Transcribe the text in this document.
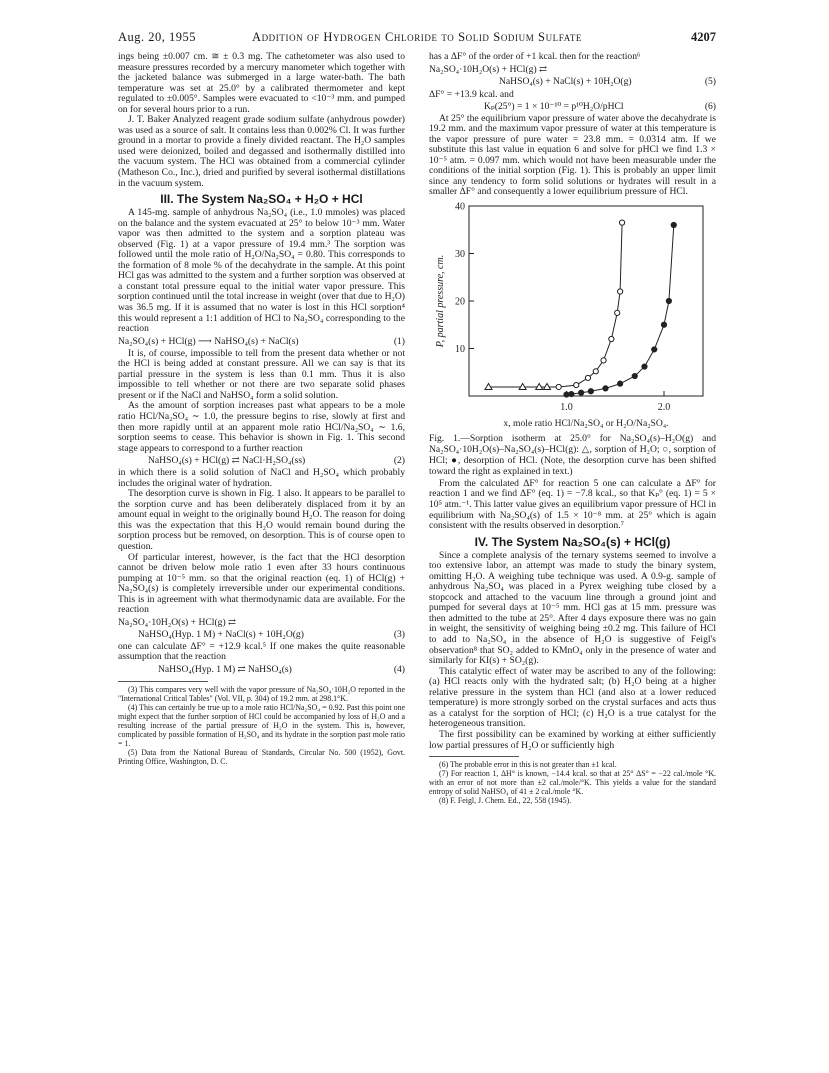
Aug. 20, 1955	Addition of Hydrogen Chloride to Solid Sodium Sulfate	4207

ings being ±0.007 cm. ≅ ± 0.3 mg. The cathetometer was also used to measure pressures recorded by a mercury manometer which together with the jacketed balance was submerged in a large water-bath. The bath temperature was set at 25.0° by a calibrated thermometer and kept regulated to ±0.005°. Samples were evacuated to <10⁻³ mm. and pumped on for several hours prior to a run.

J. T. Baker Analyzed reagent grade sodium sulfate (anhydrous powder) was used as a source of salt. It contains less than 0.002% Cl. It was further ground in a mortar to provide a finely divided reactant. The H₂O samples used were deionized, boiled and degassed and isothermally distilled into the vacuum system. The HCl was obtained from a commercial cylinder (Matheson Co., Inc.), dried and purified by several isothermal distillations in the vacuum system.

III. The System Na₂SO₄ + H₂O + HCl

A 145-mg. sample of anhydrous Na₂SO₄ (i.e., 1.0 mmoles) was placed on the balance and the system evacuated at 25° to below 10⁻³ mm. Water vapor was then admitted to the system and a sorption plateau was observed (Fig. 1) at a vapor pressure of 19.4 mm.³ The sorption was followed until the mole ratio of H₂O/Na₂SO₄ = 0.80. This corresponds to the formation of 8 mole % of the decahydrate in the sample. At this point HCl gas was admitted to the system and a further sorption was observed at a constant total pressure equal to the initial water vapor pressure. This sorption continued until the total increase in weight (over that due to H₂O) was 36.5 mg. If it is assumed that no water is lost in this HCl sorption⁴ this would represent a 1:1 addition of HCl to Na₂SO₄ corresponding to the reaction

Na₂SO₄(s) + HCl(g) ⟶ NaHSO₄(s) + NaCl(s)	(1)

It is, of course, impossible to tell from the present data whether or not the HCl is being added at constant pressure. All we can say is that its partial pressure in the system is less than 0.1 mm. Thus it is also impossible to tell whether or not there are two separate solid phases present or if the NaCl and NaHSO₄ form a solid solution.

As the amount of sorption increases past what appears to be a mole ratio HCl/Na₂SO₄ ∼ 1.0, the pressure begins to rise, slowly at first and then more rapidly until at an apparent mole ratio HCl/Na₂SO₄ ∼ 1.6, sorption seems to cease. This behavior is shown in Fig. 1. This second stage appears to correspond to a further reaction

NaHSO₄(s) + HCl(g) ⇄ NaCl·H₂SO₄(ss)	(2)

in which there is a solid solution of NaCl and H₂SO₄ which probably includes the original water of hydration.

The desorption curve is shown in Fig. 1 also. It appears to be parallel to the sorption curve and has been deliberately displaced from it by an amount equal in weight to the originally bound H₂O. The reason for doing this was the expectation that this H₂O would remain bound during the sorption process but be removed, on desorption. This is of course open to question.

Of particular interest, however, is the fact that the HCl desorption cannot be driven below mole ratio 1 even after 33 hours continuous pumping at 10⁻⁵ mm. so that the original reaction (eq. 1) of HCl(g) + Na₂SO₄(s) is completely irreversible under our experimental conditions. This is in agreement with what thermodynamic data are available. For the reaction

Na₂SO₄·10H₂O(s) + HCl(g) ⇄
NaHSO₄(Hyp. 1 M) + NaCl(s) + 10H₂O(g)	(3)

one can calculate ΔF° = +12.9 kcal.⁵ If one makes the quite reasonable assumption that the reaction

NaHSO₄(Hyp. 1 M) ⇄ NaHSO₄(s)	(4)

(3) This compares very well with the vapor pressure of Na₂SO₄·10H₂O reported in the "International Critical Tables" (Vol. VII, p. 304) of 19.2 mm. at 298.1°K.

(4) This can certainly be true up to a mole ratio HCl/Na₂SO₄ = 0.92. Past this point one might expect that the further sorption of HCl could be accompanied by loss of H₂O and a resulting increase of the partial pressure of H₂O in the system. This is, however, complicated by possible formation of H₂SO₄ and its hydrate in the sorption past mole ratio = 1.

(5) Data from the National Bureau of Standards, Circular No. 500 (1952), Govt. Printing Office, Washington, D. C.

has a ΔF° of the order of +1 kcal. then for the reaction⁶

Na₂SO₄·10H₂O(s) + HCl(g) ⇄
NaHSO₄(s) + NaCl(s) + 10H₂O(g)	(5)
ΔF° = +13.9 kcal. and
Kₚ(25°) = 1 × 10⁻¹⁰ = p¹⁰H₂O/pHCl	(6)

At 25° the equilibrium vapor pressure of water above the decahydrate is 19.2 mm. and the maximum vapor pressure of water at this temperature is the vapor pressure of pure water = 23.8 mm. = 0.0314 atm. If we substitute this last value in equation 6 and solve for pHCl we find 1.3 × 10⁻⁵ atm. = 0.097 mm. which would not have been measurable under the conditions of the initial sorption (Fig. 1). This is probably an upper limit since any tendency to form solid solutions or hydrates will result in a smaller ΔF° and consequently a lower equilibrium pressure of HCl.

10
20
30
40
1.0	2.0
P, partial pressure, cm.
x, mole ratio HCl/Na₂SO₄ or H₂O/Na₂SO₄.
Fig. 1.—Sorption isotherm at 25.0° for Na₂SO₄(s)–H₂O(g) and Na₂SO₄·10H₂O(s)–Na₂SO₄(s)–HCl(g): △, sorption of H₂O; ○, sorption of HCl; ●, desorption of HCl. (Note, the desorption curve has been shifted toward the right as explained in text.)

From the calculated ΔF° for reaction 5 one can calculate a ΔF° for reaction 1 and we find ΔF° (eq. 1) = −7.8 kcal., so that Kₚ° (eq. 1) = 5 × 10⁵ atm.⁻¹. This latter value gives an equilibrium vapor pressure of HCl in equilibrium with Na₂SO₄(s) of 1.5 × 10⁻⁸ mm. at 25° which is again consistent with the results observed in desorption.⁷

IV. The System Na₂SO₄(s) + HCl(g)

Since a complete analysis of the ternary systems seemed to involve a too extensive labor, an attempt was made to study the binary system, omitting H₂O. A weighing tube technique was used. A 0.9-g. sample of anhydrous Na₂SO₄ was placed in a Pyrex weighing tube closed by a stopcock and attached to the vacuum line through a ground joint and pumped for several days at 10⁻⁵ mm. HCl gas at 15 mm. pressure was then admitted to the tube at 25°. After 4 days exposure there was no gain in weight, the sensitivity of weighing being ±0.2 mg. This failure of HCl to add to Na₂SO₄ in the absence of H₂O is suggestive of Feigl's observation⁸ that SO₂ added to KMnO₄ only in the presence of water and similarly for KI(s) + SO₂(g).

This catalytic effect of water may be ascribed to any of the following: (a) HCl reacts only with the hydrated salt; (b) H₂O being at a higher relative pressure in the system than HCl (and also at a lower reduced temperature) is more strongly sorbed on the crystal surfaces and acts thus as a catalyst for the sorption of HCl; (c) H₂O is a true catalyst for the heterogeneous transition.

The first possibility can be examined by working at either sufficiently low partial pressures of H₂O or sufficiently high

(6) The probable error in this is not greater than ±1 kcal.

(7) For reaction 1, ΔH° is known, −14.4 kcal. so that at 25° ΔS° = −22 cal./mole °K. with an error of not more than ±2 cal./mole/°K. This yields a value for the standard entropy of solid NaHSO₄ of 41 ± 2 cal./mole °K.

(8) F. Feigl, J. Chem. Ed., 22, 558 (1945).
